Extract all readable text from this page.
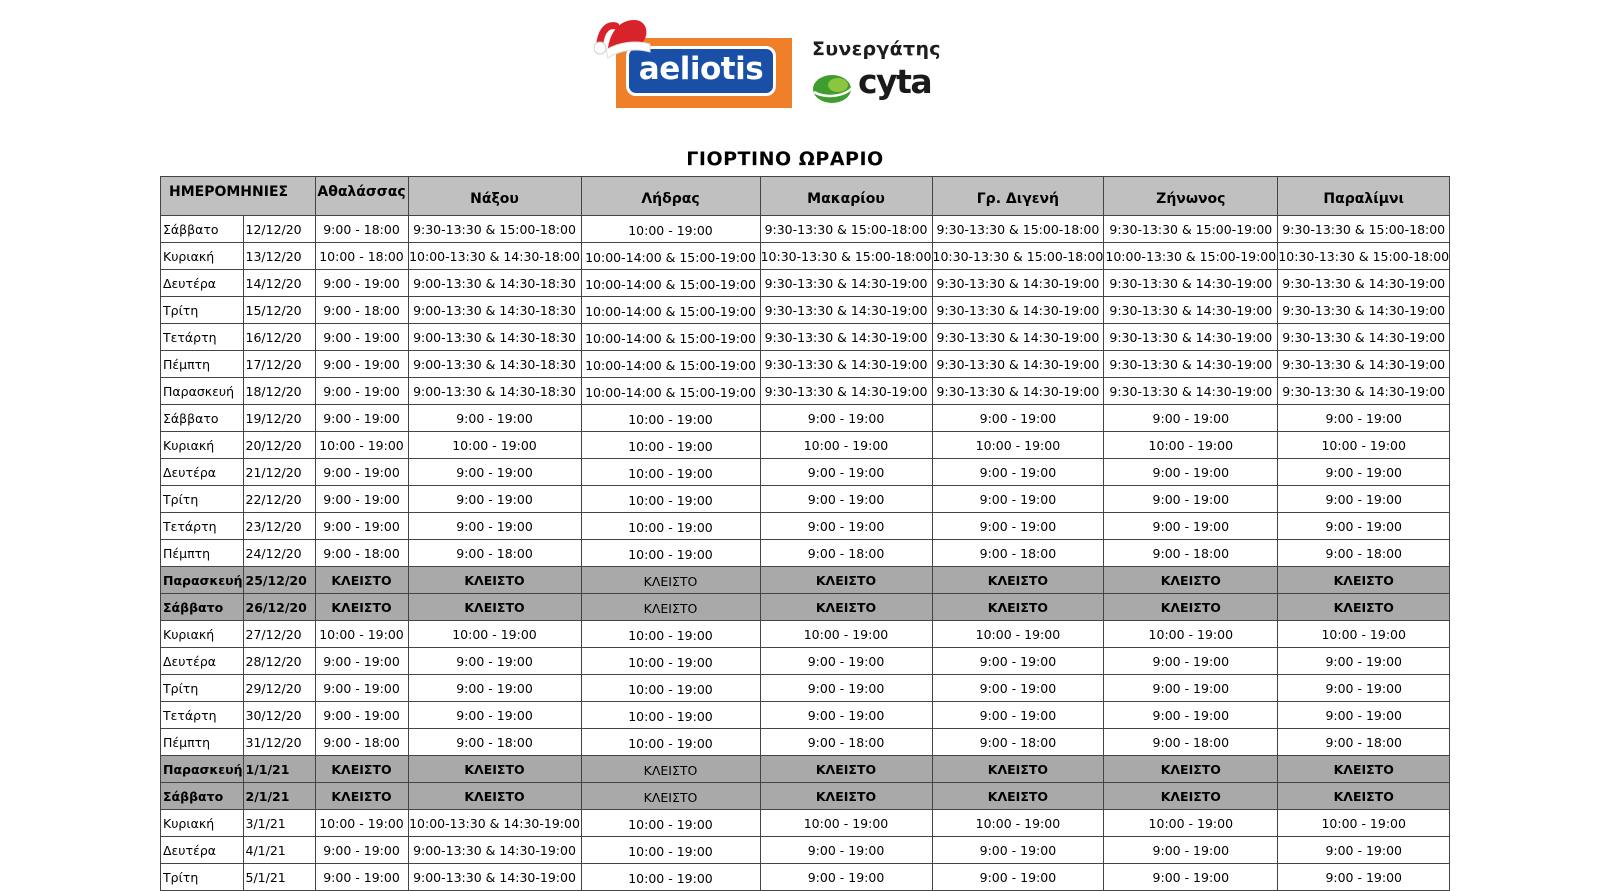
aeliotis
Συνεργάτης
cyta
ΓΙΟΡΤΙΝΟ ΩΡΑΡΙΟ
ΗΜΕΡΟΜΗΝΙΕΣ		Αθαλάσσας	Νάξου	Λήδρας	Μακαρίου	Γρ. Διγενή	Ζήνωνος	Παραλίμνι
Σάββατο	12/12/20	9:00 - 18:00	9:30-13:30 & 15:00-18:00	10:00 - 19:00	9:30-13:30 & 15:00-18:00	9:30-13:30 & 15:00-18:00	9:30-13:30 & 15:00-19:00	9:30-13:30 & 15:00-18:00
Κυριακή	13/12/20	10:00 - 18:00	10:00-13:30 & 14:30-18:00	10:00-14:00 & 15:00-19:00	10:30-13:30 & 15:00-18:00	10:30-13:30 & 15:00-18:00	10:00-13:30 & 15:00-19:00	10:30-13:30 & 15:00-18:00
Δευτέρα	14/12/20	9:00 - 19:00	9:00-13:30 & 14:30-18:30	10:00-14:00 & 15:00-19:00	9:30-13:30 & 14:30-19:00	9:30-13:30 & 14:30-19:00	9:30-13:30 & 14:30-19:00	9:30-13:30 & 14:30-19:00
Τρίτη	15/12/20	9:00 - 18:00	9:00-13:30 & 14:30-18:30	10:00-14:00 & 15:00-19:00	9:30-13:30 & 14:30-19:00	9:30-13:30 & 14:30-19:00	9:30-13:30 & 14:30-19:00	9:30-13:30 & 14:30-19:00
Τετάρτη	16/12/20	9:00 - 19:00	9:00-13:30 & 14:30-18:30	10:00-14:00 & 15:00-19:00	9:30-13:30 & 14:30-19:00	9:30-13:30 & 14:30-19:00	9:30-13:30 & 14:30-19:00	9:30-13:30 & 14:30-19:00
Πέμπτη	17/12/20	9:00 - 19:00	9:00-13:30 & 14:30-18:30	10:00-14:00 & 15:00-19:00	9:30-13:30 & 14:30-19:00	9:30-13:30 & 14:30-19:00	9:30-13:30 & 14:30-19:00	9:30-13:30 & 14:30-19:00
Παρασκευή	18/12/20	9:00 - 19:00	9:00-13:30 & 14:30-18:30	10:00-14:00 & 15:00-19:00	9:30-13:30 & 14:30-19:00	9:30-13:30 & 14:30-19:00	9:30-13:30 & 14:30-19:00	9:30-13:30 & 14:30-19:00
Σάββατο	19/12/20	9:00 - 19:00	9:00 - 19:00	10:00 - 19:00	9:00 - 19:00	9:00 - 19:00	9:00 - 19:00	9:00 - 19:00
Κυριακή	20/12/20	10:00 - 19:00	10:00 - 19:00	10:00 - 19:00	10:00 - 19:00	10:00 - 19:00	10:00 - 19:00	10:00 - 19:00
Δευτέρα	21/12/20	9:00 - 19:00	9:00 - 19:00	10:00 - 19:00	9:00 - 19:00	9:00 - 19:00	9:00 - 19:00	9:00 - 19:00
Τρίτη	22/12/20	9:00 - 19:00	9:00 - 19:00	10:00 - 19:00	9:00 - 19:00	9:00 - 19:00	9:00 - 19:00	9:00 - 19:00
Τετάρτη	23/12/20	9:00 - 19:00	9:00 - 19:00	10:00 - 19:00	9:00 - 19:00	9:00 - 19:00	9:00 - 19:00	9:00 - 19:00
Πέμπτη	24/12/20	9:00 - 18:00	9:00 - 18:00	10:00 - 19:00	9:00 - 18:00	9:00 - 18:00	9:00 - 18:00	9:00 - 18:00
Παρασκευή	25/12/20	ΚΛΕΙΣΤΟ	ΚΛΕΙΣΤΟ	ΚΛΕΙΣΤΟ	ΚΛΕΙΣΤΟ	ΚΛΕΙΣΤΟ	ΚΛΕΙΣΤΟ	ΚΛΕΙΣΤΟ
Σάββατο	26/12/20	ΚΛΕΙΣΤΟ	ΚΛΕΙΣΤΟ	ΚΛΕΙΣΤΟ	ΚΛΕΙΣΤΟ	ΚΛΕΙΣΤΟ	ΚΛΕΙΣΤΟ	ΚΛΕΙΣΤΟ
Κυριακή	27/12/20	10:00 - 19:00	10:00 - 19:00	10:00 - 19:00	10:00 - 19:00	10:00 - 19:00	10:00 - 19:00	10:00 - 19:00
Δευτέρα	28/12/20	9:00 - 19:00	9:00 - 19:00	10:00 - 19:00	9:00 - 19:00	9:00 - 19:00	9:00 - 19:00	9:00 - 19:00
Τρίτη	29/12/20	9:00 - 19:00	9:00 - 19:00	10:00 - 19:00	9:00 - 19:00	9:00 - 19:00	9:00 - 19:00	9:00 - 19:00
Τετάρτη	30/12/20	9:00 - 19:00	9:00 - 19:00	10:00 - 19:00	9:00 - 19:00	9:00 - 19:00	9:00 - 19:00	9:00 - 19:00
Πέμπτη	31/12/20	9:00 - 18:00	9:00 - 18:00	10:00 - 19:00	9:00 - 18:00	9:00 - 18:00	9:00 - 18:00	9:00 - 18:00
Παρασκευή	1/1/21	ΚΛΕΙΣΤΟ	ΚΛΕΙΣΤΟ	ΚΛΕΙΣΤΟ	ΚΛΕΙΣΤΟ	ΚΛΕΙΣΤΟ	ΚΛΕΙΣΤΟ	ΚΛΕΙΣΤΟ
Σάββατο	2/1/21	ΚΛΕΙΣΤΟ	ΚΛΕΙΣΤΟ	ΚΛΕΙΣΤΟ	ΚΛΕΙΣΤΟ	ΚΛΕΙΣΤΟ	ΚΛΕΙΣΤΟ	ΚΛΕΙΣΤΟ
Κυριακή	3/1/21	10:00 - 19:00	10:00-13:30 & 14:30-19:00	10:00 - 19:00	10:00 - 19:00	10:00 - 19:00	10:00 - 19:00	10:00 - 19:00
Δευτέρα	4/1/21	9:00 - 19:00	9:00-13:30 & 14:30-19:00	10:00 - 19:00	9:00 - 19:00	9:00 - 19:00	9:00 - 19:00	9:00 - 19:00
Τρίτη	5/1/21	9:00 - 19:00	9:00-13:30 & 14:30-19:00	10:00 - 19:00	9:00 - 19:00	9:00 - 19:00	9:00 - 19:00	9:00 - 19:00
